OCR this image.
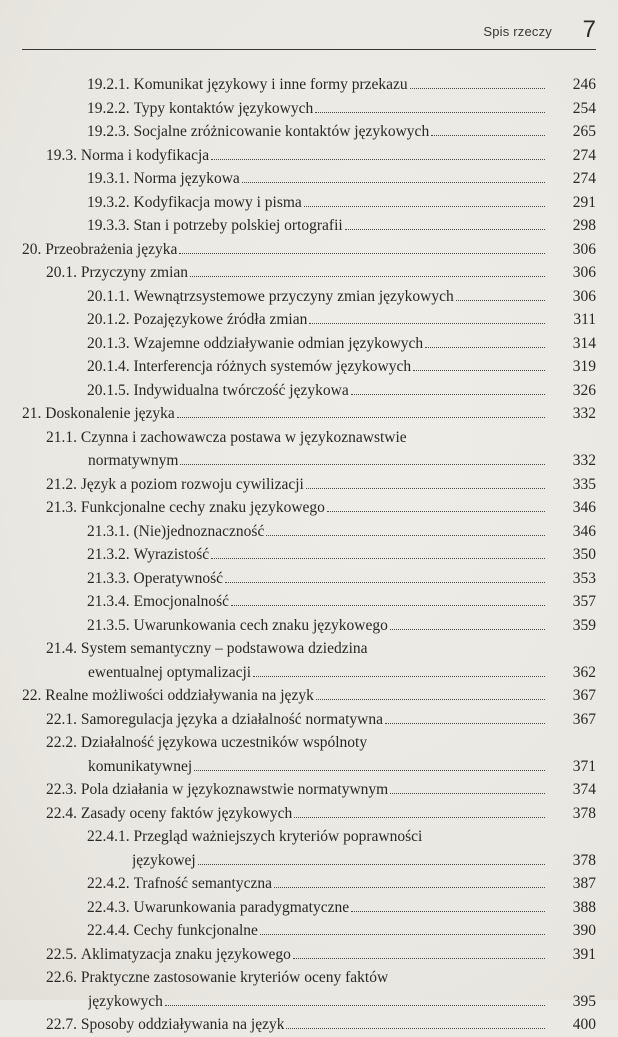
Spis rzeczy 7
19.2.1. Komunikat językowy i inne formy przekazu	246
19.2.2. Typy kontaktów językowych	254
19.2.3. Socjalne zróżnicowanie kontaktów językowych	265
19.3. Norma i kodyfikacja	274
19.3.1. Norma językowa	274
19.3.2. Kodyfikacja mowy i pisma	291
19.3.3. Stan i potrzeby polskiej ortografii	298
20. Przeobrażenia języka	306
20.1. Przyczyny zmian	306
20.1.1. Wewnątrzsystemowe przyczyny zmian językowych	306
20.1.2. Pozajęzykowe źródła zmian	311
20.1.3. Wzajemne oddziaływanie odmian językowych	314
20.1.4. Interferencja różnych systemów językowych	319
20.1.5. Indywidualna twórczość językowa	326
21. Doskonalenie języka	332
21.1. Czynna i zachowawcza postawa w językoznawstwie
normatywnym	332
21.2. Język a poziom rozwoju cywilizacji	335
21.3. Funkcjonalne cechy znaku językowego	346
21.3.1. (Nie)jednoznaczność	346
21.3.2. Wyrazistość	350
21.3.3. Operatywność	353
21.3.4. Emocjonalność	357
21.3.5. Uwarunkowania cech znaku językowego	359
21.4. System semantyczny – podstawowa dziedzina
ewentualnej optymalizacji	362
22. Realne możliwości oddziaływania na język	367
22.1. Samoregulacja języka a działalność normatywna	367
22.2. Działalność językowa uczestników wspólnoty
komunikatywnej	371
22.3. Pola działania w językoznawstwie normatywnym	374
22.4. Zasady oceny faktów językowych	378
22.4.1. Przegląd ważniejszych kryteriów poprawności
językowej	378
22.4.2. Trafność semantyczna	387
22.4.3. Uwarunkowania paradygmatyczne	388
22.4.4. Cechy funkcjonalne	390
22.5. Aklimatyzacja znaku językowego	391
22.6. Praktyczne zastosowanie kryteriów oceny faktów
językowych	395
22.7. Sposoby oddziaływania na język	400
